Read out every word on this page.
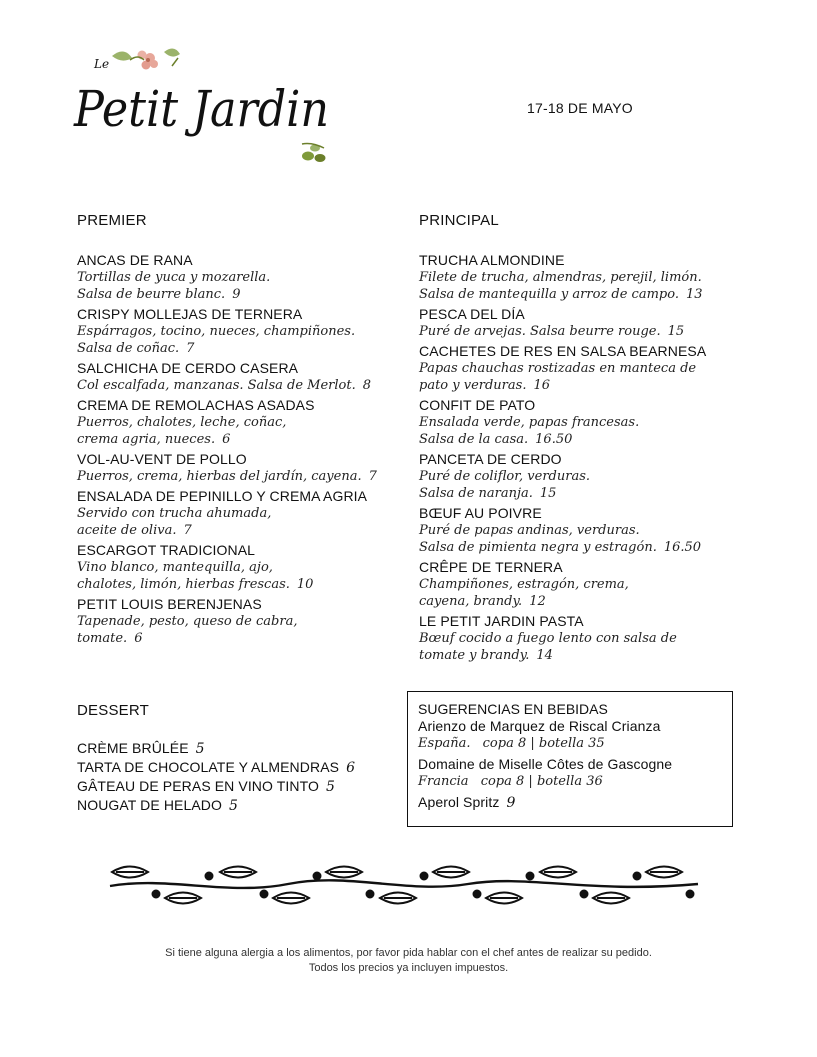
Le
Petit Jardin	17-18 DE MAYO
PREMIER	PRINCIPAL
DESSERT
ANCAS DE RANA
Tortillas de yuca y mozarella.
Salsa de beurre blanc. 9
CRISPY MOLLEJAS DE TERNERA
Espárragos, tocino, nueces, champiñones.
Salsa de coñac. 7
SALCHICHA DE CERDO CASERA
Col escalfada, manzanas. Salsa de Merlot. 8
CREMA DE REMOLACHAS ASADAS
Puerros, chalotes, leche, coñac,
crema agria, nueces. 6
VOL-AU-VENT DE POLLO
Puerros, crema, hierbas del jardín, cayena. 7
ENSALADA DE PEPINILLO Y CREMA AGRIA
Servido con trucha ahumada,
aceite de oliva. 7
ESCARGOT TRADICIONAL
Vino blanco, mantequilla, ajo,
chalotes, limón, hierbas frescas. 10
PETIT LOUIS BERENJENAS
Tapenade, pesto, queso de cabra,
tomate. 6
TRUCHA ALMONDINE
Filete de trucha, almendras, perejil, limón.
Salsa de mantequilla y arroz de campo. 13
PESCA DEL DÍA
Puré de arvejas. Salsa beurre rouge. 15
CACHETES DE RES EN SALSA BEARNESA
Papas chauchas rostizadas en manteca de
pato y verduras. 16
CONFIT DE PATO
Ensalada verde, papas francesas.
Salsa de la casa. 16.50
PANCETA DE CERDO
Puré de coliflor, verduras.
Salsa de naranja. 15
BŒUF AU POIVRE
Puré de papas andinas, verduras.
Salsa de pimienta negra y estragón. 16.50
CRÊPE DE TERNERA
Champiñones, estragón, crema,
cayena, brandy. 12
LE PETIT JARDIN PASTA
Bœuf cocido a fuego lento con salsa de
tomate y brandy. 14
CRÈME BRÛLÉE 5
TARTA DE CHOCOLATE Y ALMENDRAS 6
GÂTEAU DE PERAS EN VINO TINTO 5
NOUGAT DE HELADO 5
SUGERENCIAS EN BEBIDAS
Arienzo de Marquez de Riscal Crianza
España. copa 8 | botella 35
Domaine de Miselle Côtes de Gascogne
Francia copa 8 | botella 36
Aperol Spritz 9
Si tiene alguna alergia a los alimentos, por favor pida hablar con el chef antes de realizar su pedido.
Todos los precios ya incluyen impuestos.
